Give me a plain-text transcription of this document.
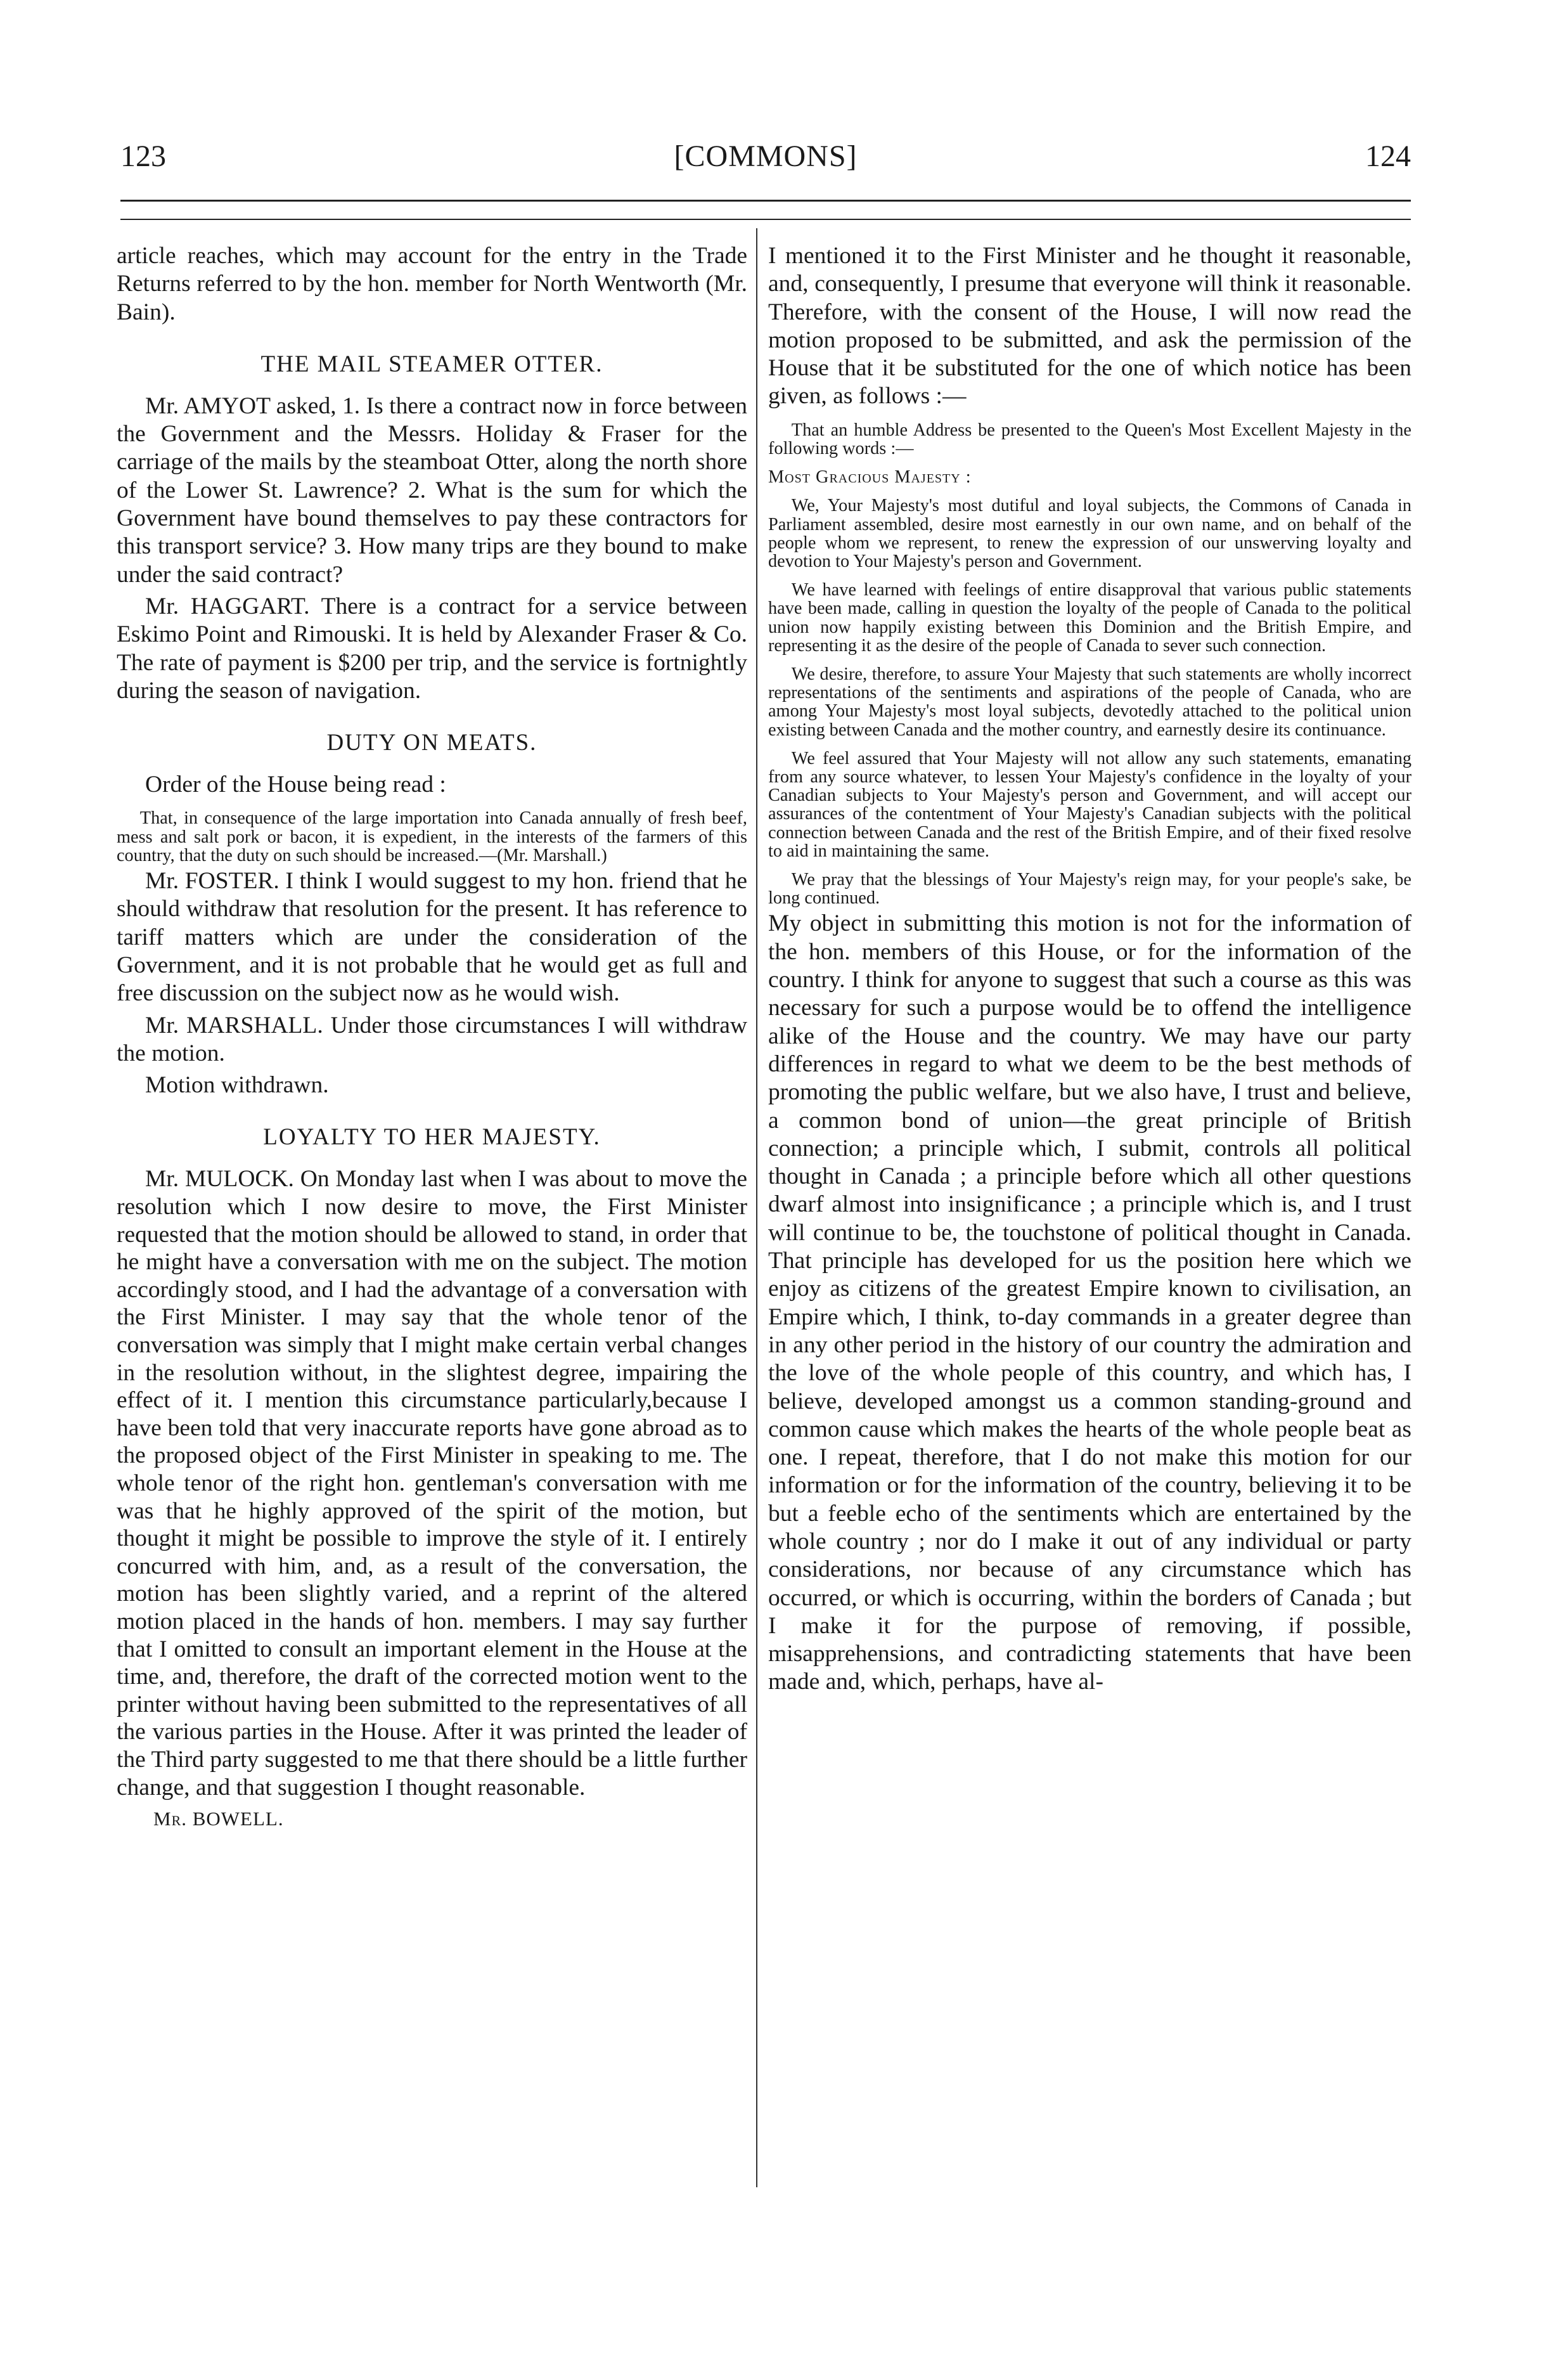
123	[COMMONS]	124

article reaches, which may account for the entry in the Trade Returns referred to by the hon. member for North Wentworth (Mr. Bain).

THE MAIL STEAMER OTTER.

Mr. AMYOT asked, 1. Is there a contract now in force between the Government and the Messrs. Holiday & Fraser for the carriage of the mails by the steamboat Otter, along the north shore of the Lower St. Lawrence? 2. What is the sum for which the Government have bound themselves to pay these contractors for this transport service? 3. How many trips are they bound to make under the said contract?

Mr. HAGGART. There is a contract for a service between Eskimo Point and Rimouski. It is held by Alexander Fraser & Co. The rate of payment is $200 per trip, and the service is fortnightly during the season of navigation.

DUTY ON MEATS.

Order of the House being read :

That, in consequence of the large importation into Canada annually of fresh beef, mess and salt pork or bacon, it is expedient, in the interests of the farmers of this country, that the duty on such should be increased.—(Mr. Marshall.)

Mr. FOSTER. I think I would suggest to my hon. friend that he should withdraw that resolution for the present. It has reference to tariff matters which are under the consideration of the Government, and it is not probable that he would get as full and free discussion on the subject now as he would wish.

Mr. MARSHALL. Under those circumstances I will withdraw the motion.

Motion withdrawn.

LOYALTY TO HER MAJESTY.

Mr. MULOCK. On Monday last when I was about to move the resolution which I now desire to move, the First Minister requested that the motion should be allowed to stand, in order that he might have a conversation with me on the subject. The motion accordingly stood, and I had the advantage of a conversation with the First Minister. I may say that the whole tenor of the conversation was simply that I might make certain verbal changes in the resolution without, in the slightest degree, impairing the effect of it. I mention this circumstance particularly,because I have been told that very inaccurate reports have gone abroad as to the proposed object of the First Minister in speaking to me. The whole tenor of the right hon. gentleman's conversation with me was that he highly approved of the spirit of the motion, but thought it might be possible to improve the style of it. I entirely concurred with him, and, as a result of the conversation, the motion has been slightly varied, and a reprint of the altered motion placed in the hands of hon. members. I may say further that I omitted to consult an important element in the House at the time, and, therefore, the draft of the corrected motion went to the printer without having been submitted to the representatives of all the various parties in the House. After it was printed the leader of the Third party suggested to me that there should be a little further change, and that suggestion I thought reasonable.

Mr. BOWELL.

I mentioned it to the First Minister and he thought it reasonable, and, consequently, I presume that everyone will think it reasonable. Therefore, with the consent of the House, I will now read the motion proposed to be submitted, and ask the permission of the House that it be substituted for the one of which notice has been given, as follows :—

That an humble Address be presented to the Queen's Most Excellent Majesty in the following words :—

Most Gracious Majesty :

We, Your Majesty's most dutiful and loyal subjects, the Commons of Canada in Parliament assembled, desire most earnestly in our own name, and on behalf of the people whom we represent, to renew the expression of our unswerving loyalty and devotion to Your Majesty's person and Government.

We have learned with feelings of entire disapproval that various public statements have been made, calling in question the loyalty of the people of Canada to the political union now happily existing between this Dominion and the British Empire, and representing it as the desire of the people of Canada to sever such connection.

We desire, therefore, to assure Your Majesty that such statements are wholly incorrect representations of the sentiments and aspirations of the people of Canada, who are among Your Majesty's most loyal subjects, devotedly attached to the political union existing between Canada and the mother country, and earnestly desire its continuance.

We feel assured that Your Majesty will not allow any such statements, emanating from any source whatever, to lessen Your Majesty's confidence in the loyalty of your Canadian subjects to Your Majesty's person and Government, and will accept our assurances of the contentment of Your Majesty's Canadian subjects with the political connection between Canada and the rest of the British Empire, and of their fixed resolve to aid in maintaining the same.

We pray that the blessings of Your Majesty's reign may, for your people's sake, be long continued.

My object in submitting this motion is not for the information of the hon. members of this House, or for the information of the country. I think for anyone to suggest that such a course as this was necessary for such a purpose would be to offend the intelligence alike of the House and the country. We may have our party differences in regard to what we deem to be the best methods of promoting the public welfare, but we also have, I trust and believe, a common bond of union—the great principle of British connection; a principle which, I submit, controls all political thought in Canada ; a principle before which all other questions dwarf almost into insignificance ; a principle which is, and I trust will continue to be, the touchstone of political thought in Canada. That principle has developed for us the position here which we enjoy as citizens of the greatest Empire known to civilisation, an Empire which, I think, to-day commands in a greater degree than in any other period in the history of our country the admiration and the love of the whole people of this country, and which has, I believe, developed amongst us a common standing-ground and common cause which makes the hearts of the whole people beat as one. I repeat, therefore, that I do not make this motion for our information or for the information of the country, believing it to be but a feeble echo of the sentiments which are entertained by the whole country ; nor do I make it out of any individual or party considerations, nor because of any circumstance which has occurred, or which is occurring, within the borders of Canada ; but I make it for the purpose of removing, if possible, misapprehensions, and contradicting statements that have been made and, which, perhaps, have al-
